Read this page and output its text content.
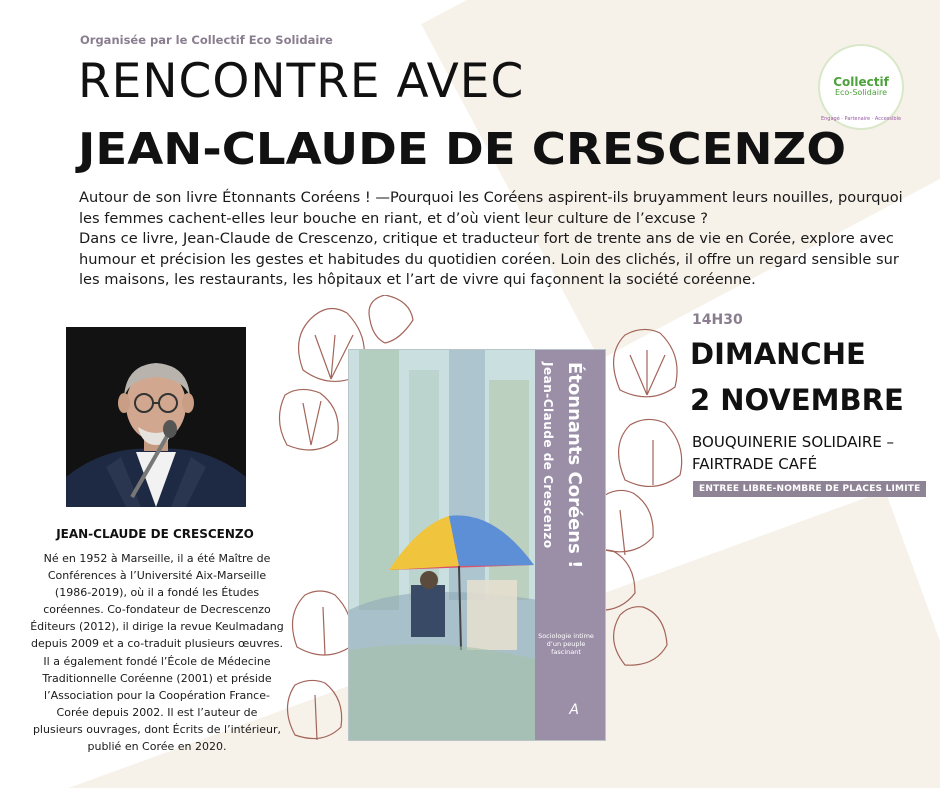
Organisée par le Collectif Eco Solidaire
RENCONTRE AVEC
JEAN-CLAUDE DE CRESCENZO
Collectif
Eco-Solidaire
Engagé · Partenaire · Accessible

Autour de son livre Étonnants Coréens ! —Pourquoi les Coréens aspirent-ils bruyamment leurs nouilles, pourquoi les femmes cachent-elles leur bouche en riant, et d’où vient leur culture de l’excuse ?

Dans ce livre, Jean-Claude de Crescenzo, critique et traducteur fort de trente ans de vie en Corée, explore avec humour et précision les gestes et habitudes du quotidien coréen. Loin des clichés, il offre un regard sensible sur les maisons, les restaurants, les hôpitaux et l’art de vivre qui façonnent la société coréenne.

JEAN-CLAUDE DE CRESCENZO
Né en 1952 à Marseille, il a été Maître de Conférences à l’Université Aix-Marseille (1986-2019), où il a fondé les Études coréennes. Co-fondateur de Decrescenzo Éditeurs (2012), il dirige la revue Keulmadang depuis 2009 et a co-traduit plusieurs œuvres. Il a également fondé l’École de Médecine Traditionnelle Coréenne (2001) et préside l’Association pour la Coopération France-Corée depuis 2002. Il est l’auteur de plusieurs ouvrages, dont Écrits de l’intérieur, publié en Corée en 2020.
Jean-Claude de Crescenzo Étonnants Coréens !
Sociologie intime d’un peuple fascinant
A
14H30
DIMANCHE
2 NOVEMBRE
BOUQUINERIE SOLIDAIRE –
FAIRTRADE CAFÉ
ENTREE LIBRE-NOMBRE DE PLACES LIMITE
